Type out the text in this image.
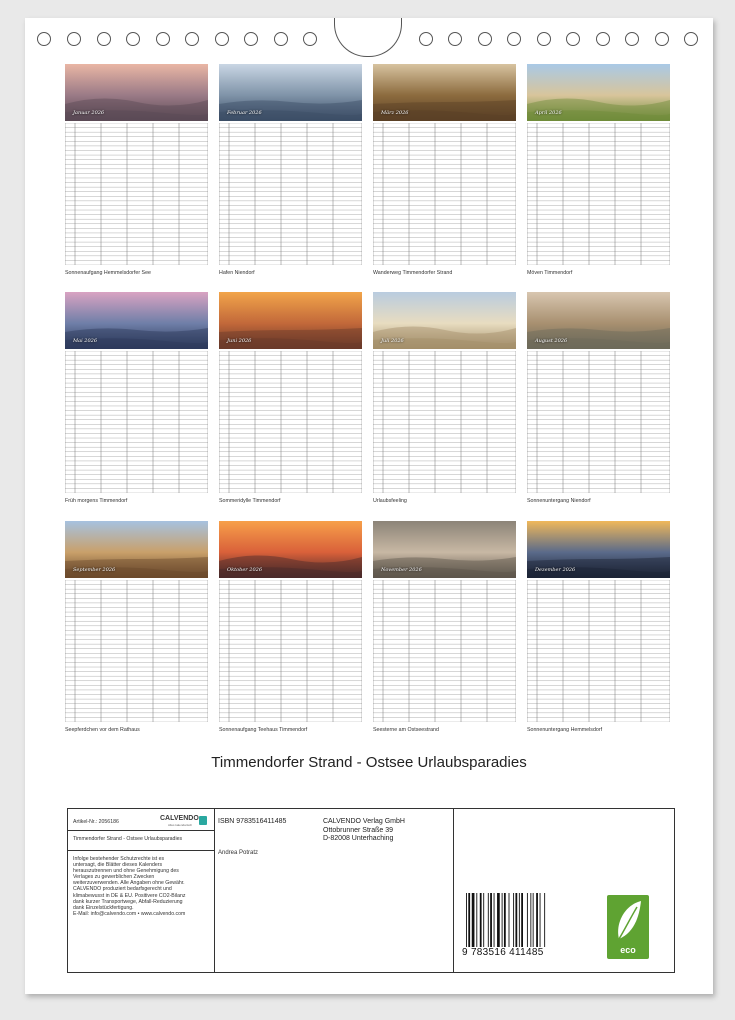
Januar 2026
Sonnenaufgang Hemmelsdorfer See
Februar 2026
Hafen Niendorf
März 2026
Wanderweg Timmendorfer Strand
April 2026
Möven Timmendorf
Mai 2026
Früh morgens Timmendorf
Juni 2026
Sommeridylle Timmendorf
Juli 2026
Urlaubsfeeling
August 2026
Sonnenuntergang Niendorf
September 2026
Seepferdchen vor dem Rathaus
Oktober 2026
Sonnenaufgang Teehaus Timmendorf
November 2026
Seesterne am Ostseestrand
Dezember 2026
Sonnenuntergang Hemmelsdorf
Timmendorfer Strand - Ostsee Urlaubsparadies
Artikel-Nr.: 2056186	CALVENDO
Alles kalendarisch
Timmendorfer Strand - Ostsee Urlaubsparadies
Infolge bestehender Schutzrechte ist es
untersagt, die Blätter dieses Kalenders
herauszutrennen und ohne Genehmigung des
Verlages zu gewerblichen Zwecken
weiterzuverwenden. Alle Angaben ohne Gewähr.
CALVENDO produziert bedarfsgerecht und
klimabewusst in DE & EU. Positivere CO2-Bilanz
dank kurzer Transportwege, Abfall-Reduzierung
dank Einzelstückfertigung.
E-Mail: info@calvendo.com • www.calvendo.com
ISBN 9783516411485	CALVENDO Verlag GmbH
Ottobrunner Straße 39
D-82008 Unterhaching
Andrea Potratz
9 783516 411485	eco
